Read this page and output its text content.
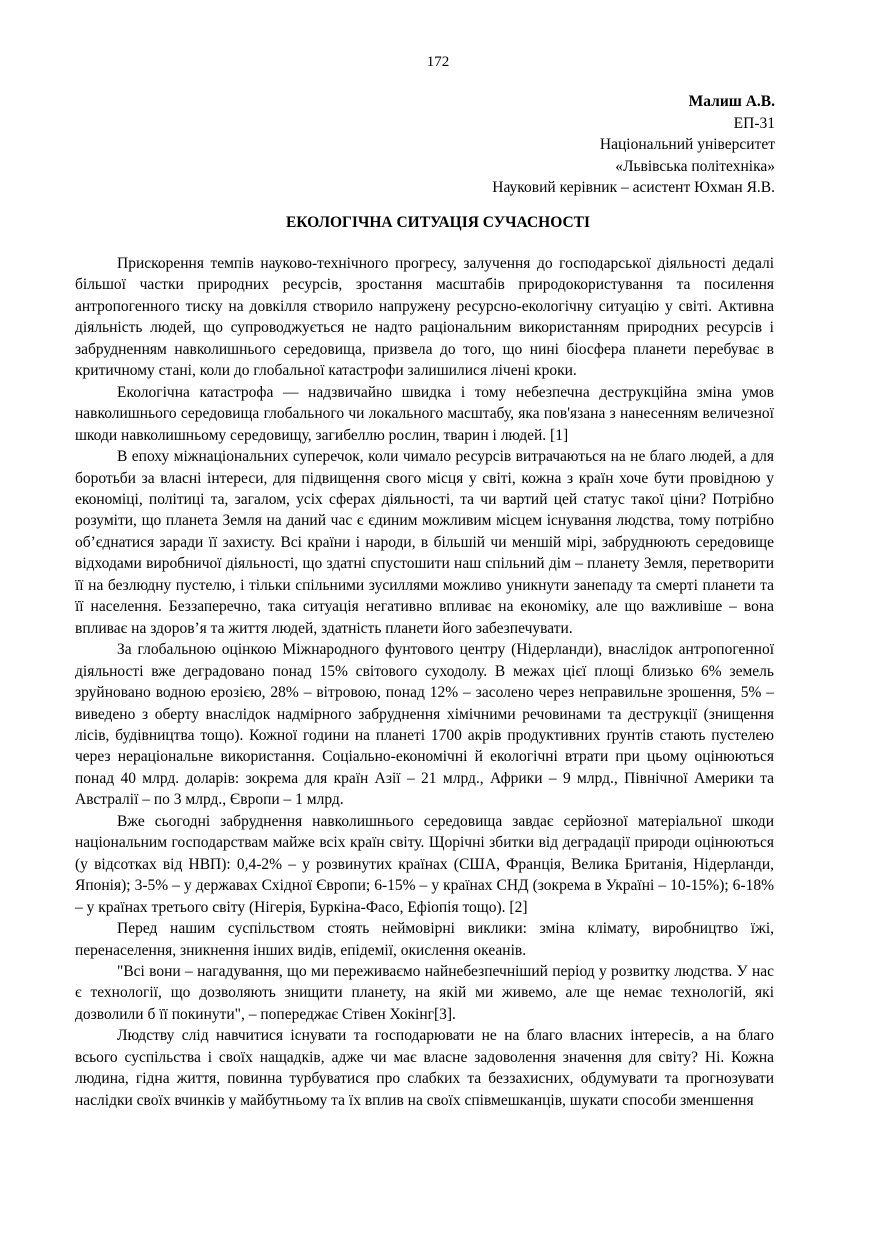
172
Малиш А.В.
ЕП-31
Національний університет
«Львівська політехніка»
Науковий керівник – асистент Юхман Я.В.
ЕКОЛОГІЧНА СИТУАЦІЯ СУЧАСНОСТІ

Прискорення темпів науково-технічного прогресу, залучення до господарської діяльності дедалі більшої частки природних ресурсів, зростання масштабів природокористування та посилення антропогенного тиску на довкілля створило напружену ресурсно-екологічну ситуацію у світі. Активна діяльність людей, що супроводжується не надто раціональним використанням природних ресурсів і забрудненням навколишнього середовища, призвела до того, що нині біосфера планети перебуває в критичному стані, коли до глобальної катастрофи залишилися лічені кроки.

Екологічна катастрофа — надзвичайно швидка і тому небезпечна деструкційна зміна умов навколишнього середовища глобального чи локального масштабу, яка пов'язана з нанесенням величезної шкоди навколишньому середовищу, загибеллю рослин, тварин і людей. [1]

В епоху міжнаціональних суперечок, коли чимало ресурсів витрачаються на не благо людей, а для боротьби за власні інтереси, для підвищення свого місця у світі, кожна з країн хоче бути провідною у економіці, політиці та, загалом, усіх сферах діяльності, та чи вартий цей статус такої ціни? Потрібно розуміти, що планета Земля на даний час є єдиним можливим місцем існування людства, тому потрібно об’єднатися заради її захисту. Всі країни і народи, в більшій чи меншій мірі, забруднюють середовище відходами виробничої діяльності, що здатні спустошити наш спільний дім – планету Земля, перетворити її на безлюдну пустелю, і тільки спільними зусиллями можливо уникнути занепаду та смерті планети та її населення. Беззаперечно, така ситуація негативно впливає на економіку, але що важливіше – вона впливає на здоров’я та життя людей, здатність планети його забезпечувати.

За глобальною оцінкою Міжнародного фунтового центру (Нідерланди), внаслідок антропогенної діяльності вже деградовано понад 15% світового суходолу. В межах цієї площі близько 6% земель зруйновано водною ерозією, 28% – вітровою, понад 12% – засолено через неправильне зрошення, 5% – виведено з оберту внаслідок надмірного забруднення хімічними речовинами та деструкції (знищення лісів, будівництва тощо). Кожної години на планеті 1700 акрів продуктивних ґрунтів стають пустелею через нераціональне використання. Соціально-економічні й екологічні втрати при цьому оцінюються понад 40 млрд. доларів: зокрема для країн Азії – 21 млрд., Африки – 9 млрд., Північної Америки та Австралії – по 3 млрд., Європи – 1 млрд.

Вже сьогодні забруднення навколишнього середовища завдає серйозної матеріальної шкоди національним господарствам майже всіх країн світу. Щорічні збитки від деградації природи оцінюються (у відсотках від НВП): 0,4-2% – у розвинутих країнах (США, Франція, Велика Британія, Нідерланди, Японія); 3-5% – у державах Східної Європи; 6-15% – у країнах СНД (зокрема в Україні – 10-15%); 6-18% – у країнах третього світу (Нігерія, Буркіна-Фасо, Ефіопія тощо). [2]

Перед нашим суспільством стоять неймовірні виклики: зміна клімату, виробництво їжі, перенаселення, зникнення інших видів, епідемії, окислення океанів.

"Всі вони – нагадування, що ми переживаємо найнебезпечніший період у розвитку людства. У нас є технології, що дозволяють знищити планету, на якій ми живемо, але ще немає технологій, які дозволили б її покинути", – попереджає Стівен Хокінг[3].

Людству слід навчитися існувати та господарювати не на благо власних інтересів, а на благо всього суспільства і своїх нащадків, адже чи має власне задоволення значення для світу? Ні. Кожна людина, гідна життя, повинна турбуватися про слабких та беззахисних, обдумувати та прогнозувати наслідки своїх вчинків у майбутньому та їх вплив на своїх співмешканців, шукати способи зменшення
